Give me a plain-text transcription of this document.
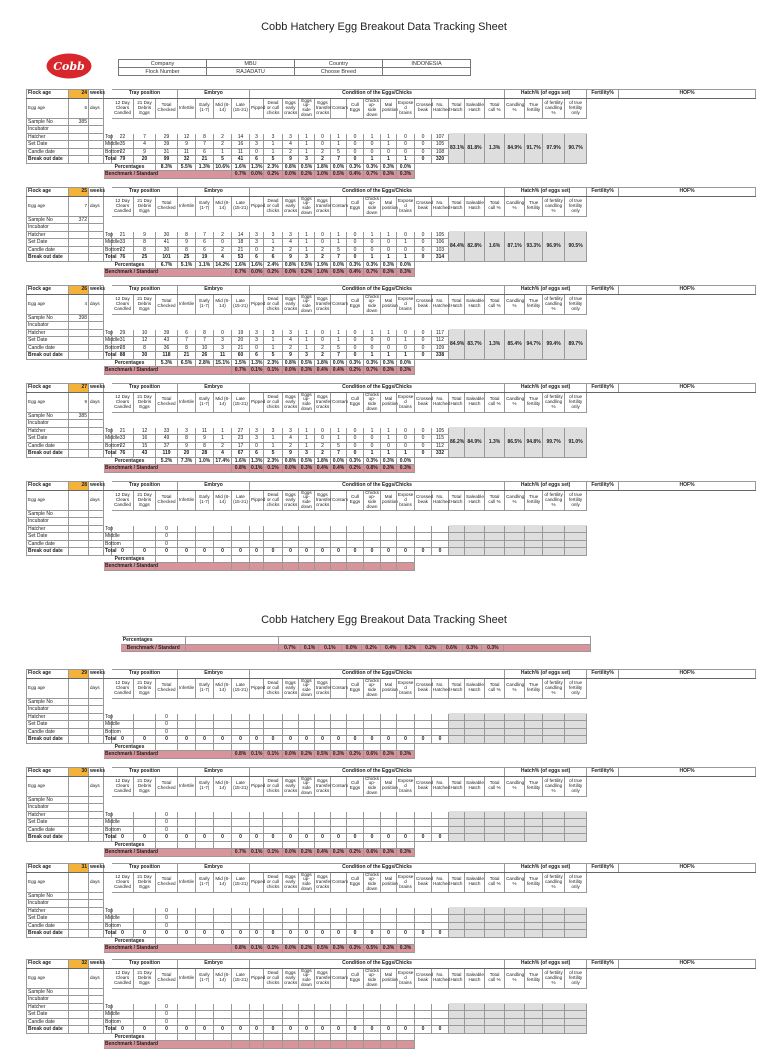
Cobb Hatchery Egg Breakout Data Tracking Sheet
Cobb	Company	MBU	Country	INDONESIA
Flock Number	RAJADATU	Choose Breed	
Cobb Hatchery Egg Breakout Data Tracking Sheet
			Percentages														
			Benchmark / Standard		0.7%	0.1%	0.1%	0.0%	0.2%	0.4%	0.2%	0.2%	0.6%	0.3%	0.3%		
Flock age	24	weeks		Tray position			Embryo				Condition of the Eggs/Chicks															Hatch% (of eggs set)				Fertility%		HOF%
Egg age	6	days		12 Day Clears Candled	21 Day Debris Eggs	Total Checked	Infertile	Early (1-7)	Mid (8-14)	Late (15-21)	Pipped	Dead or cull chicks	Eggs early cracks	Eggs up-side down	Eggs transfer cracks	Contam	Cull Eggs	Chicks up-side down	Mal position	Expose d brains	Crossed beak	No. Hatched	Total Hatch	Saleable Hatch	Total cull %	Candling %	True fertility	of fertility candling %	of true fertility only			
Sample No	385																															
Incubator																																
Hatcher			Top	22	7	29	12	8	2	14	3	3	3	1	0	1	0	1	1	0	0	107	83.1%	81.8%	1.3%	84.9%	91.7%	97.9%	90.7%			
Set Date			Middle	35	4	39	9	7	2	16	3	1	4	1	0	1	0	0	1	0	0	105										
Candle date			Bottom	22	9	31	11	6	1	11	0	1	2	1	2	5	0	0	0	0	0	108										
Break out date			Total	79	20	99	32	21	5	41	6	5	9	3	2	7	0	1	1	1	0	320										
			Percentages			8.3%	5.5%	1.3%	10.6%	1.6%	1.3%	2.3%	0.8%	0.5%	1.8%	0.0%	0.3%	0.3%	0.3%	0.0%												
			Benchmark / Standard							0.7%	0.0%	0.2%	0.0%	0.2%	1.0%	0.5%	0.4%	0.7%	0.3%	0.3%												
Flock age	25	weeks		Tray position			Embryo				Condition of the Eggs/Chicks															Hatch% (of eggs set)				Fertility%		HOF%
Egg age	7	days		12 Day Clears Candled	21 Day Debris Eggs	Total Checked	Infertile	Early (1-7)	Mid (8-14)	Late (15-21)	Pipped	Dead or cull chicks	Eggs early cracks	Eggs up-side down	Eggs transfer cracks	Contam	Cull Eggs	Chicks up-side down	Mal position	Expose d brains	Crossed beak	No. Hatched	Total Hatch	Saleable Hatch	Total cull %	Candling %	True fertility	of fertility candling %	of true fertility only			
Sample No	372																															
Incubator																																
Hatcher			Top	21	9	30	8	7	2	14	3	3	3	1	0	1	0	1	1	0	0	105	84.4%	82.8%	1.6%	87.1%	93.3%	96.9%	90.5%			
Set Date			Middle	33	8	41	9	6	0	18	3	1	4	1	0	1	0	0	0	1	0	106										
Candle date			Bottom	22	8	30	8	6	2	21	0	2	2	1	2	5	0	0	0	0	0	103										
Break out date			Total	76	25	101	25	19	4	53	6	6	9	3	2	7	0	1	1	1	0	314										
			Percentages			6.7%	5.1%	1.1%	14.2%	1.6%	1.6%	2.4%	0.8%	0.5%	1.9%	0.0%	0.3%	0.3%	0.3%	0.0%												
			Benchmark / Standard							0.7%	0.0%	0.2%	0.0%	0.2%	1.0%	0.5%	0.4%	0.7%	0.3%	0.3%												
Flock age	26	weeks		Tray position			Embryo				Condition of the Eggs/Chicks															Hatch% (of eggs set)				Fertility%		HOF%
Egg age	4	days		12 Day Clears Candled	21 Day Debris Eggs	Total Checked	Infertile	Early (1-7)	Mid (8-14)	Late (15-21)	Pipped	Dead or cull chicks	Eggs early cracks	Eggs up-side down	Eggs transfer cracks	Contam	Cull Eggs	Chicks up-side down	Mal position	Expose d brains	Crossed beak	No. Hatched	Total Hatch	Saleable Hatch	Total cull %	Candling %	True fertility	of fertility candling %	of true fertility only			
Sample No	398																															
Incubator																																
Hatcher			Top	29	10	39	6	8	0	19	3	3	3	1	0	1	0	1	1	0	0	117	84.9%	83.7%	1.3%	85.4%	94.7%	99.4%	89.7%			
Set Date			Middle	31	12	43	7	7	3	20	3	1	4	1	0	1	0	0	0	1	0	112										
Candle date			Bottom	28	8	36	8	10	3	21	0	1	2	1	2	5	0	0	0	0	0	109										
Break out date			Total	88	30	118	21	26	11	60	6	5	9	3	2	7	0	1	1	1	0	338										
			Percentages			5.3%	6.5%	2.8%	15.1%	1.5%	1.3%	2.3%	0.8%	0.5%	1.8%	0.0%	0.3%	0.3%	0.3%	0.0%												
			Benchmark / Standard							0.7%	0.1%	0.1%	0.0%	0.3%	0.4%	0.4%	0.2%	0.7%	0.3%	0.3%												
Flock age	27	weeks		Tray position			Embryo				Condition of the Eggs/Chicks															Hatch% (of eggs set)				Fertility%		HOF%
Egg age	9	days		12 Day Clears Candled	21 Day Debris Eggs	Total Checked	Infertile	Early (1-7)	Mid (8-14)	Late (15-21)	Pipped	Dead or cull chicks	Eggs early cracks	Eggs up-side down	Eggs transfer cracks	Contam	Cull Eggs	Chicks up-side down	Mal position	Expose d brains	Crossed beak	No. Hatched	Total Hatch	Saleable Hatch	Total cull %	Candling %	True fertility	of fertility candling %	of true fertility only			
Sample No	385																															
Incubator																																
Hatcher			Top	21	12	33	3	11	1	27	3	3	3	1	0	1	0	1	1	0	0	105	86.2%	84.9%	1.3%	86.5%	94.8%	99.7%	91.0%			
Set Date			Middle	33	16	49	8	9	1	23	3	1	4	1	0	1	0	0	1	0	0	115										
Candle date			Bottom	22	15	37	9	8	2	17	0	1	2	1	2	5	0	0	0	0	0	112										
Break out date			Total	76	43	119	20	28	4	67	6	5	9	3	2	7	0	1	1	1	0	332										
			Percentages			5.2%	7.3%	1.0%	17.4%	1.6%	1.3%	2.3%	0.8%	0.5%	1.8%	0.0%	0.3%	0.3%	0.3%	0.0%												
			Benchmark / Standard							0.8%	0.1%	0.1%	0.0%	0.3%	0.4%	0.4%	0.2%	0.8%	0.3%	0.3%												
Flock age	28	weeks		Tray position			Embryo				Condition of the Eggs/Chicks															Hatch% (of eggs set)				Fertility%		HOF%
Egg age		days		12 Day Clears Candled	21 Day Debris Eggs	Total Checked	Infertile	Early (1-7)	Mid (8-14)	Late (15-21)	Pipped	Dead or cull chicks	Eggs early cracks	Eggs up-side down	Eggs transfer cracks	Contam	Cull Eggs	Chicks up-side down	Mal position	Expose d brains	Crossed beak	No. Hatched	Total Hatch	Saleable Hatch	Total cull %	Candling %	True fertility	of fertility candling %	of true fertility only			
Sample No																																
Incubator																																
Hatcher			Top			0																										
Set Date			Middle			0																										
Candle date			Bottom			0																										
Break out date			Total	0	0	0	0	0	0	0	0	0	0	0	0	0	0	0	0	0	0	0										
			Percentages																													
			Benchmark / Standard																													
Flock age	29	weeks		Tray position			Embryo				Condition of the Eggs/Chicks															Hatch% (of eggs set)				Fertility%		HOF%
Egg age		days		12 Day Clears Candled	21 Day Debris Eggs	Total Checked	Infertile	Early (1-7)	Mid (8-14)	Late (15-21)	Pipped	Dead or cull chicks	Eggs early cracks	Eggs up-side down	Eggs transfer cracks	Contam	Cull Eggs	Chicks up-side down	Mal position	Expose d brains	Crossed beak	No. Hatched	Total Hatch	Saleable Hatch	Total cull %	Candling %	True fertility	of fertility candling %	of true fertility only			
Sample No																																
Incubator																																
Hatcher			Top			0																										
Set Date			Middle			0																										
Candle date			Bottom			0																										
Break out date			Total	0	0	0	0	0	0	0	0	0	0	0	0	0	0	0	0	0	0	0										
			Percentages																													
			Benchmark / Standard							0.8%	0.1%	0.1%	0.0%	0.2%	0.5%	0.3%	0.2%	0.6%	0.3%	0.3%												
Flock age	30	weeks		Tray position			Embryo				Condition of the Eggs/Chicks															Hatch% (of eggs set)				Fertility%		HOF%
Egg age		days		12 Day Clears Candled	21 Day Debris Eggs	Total Checked	Infertile	Early (1-7)	Mid (8-14)	Late (15-21)	Pipped	Dead or cull chicks	Eggs early cracks	Eggs up-side down	Eggs transfer cracks	Contam	Cull Eggs	Chicks up-side down	Mal position	Expose d brains	Crossed beak	No. Hatched	Total Hatch	Saleable Hatch	Total cull %	Candling %	True fertility	of fertility candling %	of true fertility only			
Sample No																																
Incubator																																
Hatcher			Top			0																										
Set Date			Middle			0																										
Candle date			Bottom			0																										
Break out date			Total	0	0	0	0	0	0	0	0	0	0	0	0	0	0	0	0	0	0	0										
			Percentages																													
			Benchmark / Standard							0.7%	0.1%	0.1%	0.0%	0.2%	0.4%	0.2%	0.2%	0.6%	0.3%	0.3%												
Flock age	31	weeks		Tray position			Embryo				Condition of the Eggs/Chicks															Hatch% (of eggs set)				Fertility%		HOF%
Egg age		days		12 Day Clears Candled	21 Day Debris Eggs	Total Checked	Infertile	Early (1-7)	Mid (8-14)	Late (15-21)	Pipped	Dead or cull chicks	Eggs early cracks	Eggs up-side down	Eggs transfer cracks	Contam	Cull Eggs	Chicks up-side down	Mal position	Expose d brains	Crossed beak	No. Hatched	Total Hatch	Saleable Hatch	Total cull %	Candling %	True fertility	of fertility candling %	of true fertility only			
Sample No																																
Incubator																																
Hatcher			Top			0																										
Set Date			Middle			0																										
Candle date			Bottom			0																										
Break out date			Total	0	0	0	0	0	0	0	0	0	0	0	0	0	0	0	0	0	0	0										
			Percentages																													
			Benchmark / Standard							0.8%	0.1%	0.1%	0.0%	0.2%	0.5%	0.3%	0.3%	0.5%	0.3%	0.3%												
Flock age	32	weeks		Tray position			Embryo				Condition of the Eggs/Chicks															Hatch% (of eggs set)				Fertility%		HOF%
Egg age		days		12 Day Clears Candled	21 Day Debris Eggs	Total Checked	Infertile	Early (1-7)	Mid (8-14)	Late (15-21)	Pipped	Dead or cull chicks	Eggs early cracks	Eggs up-side down	Eggs transfer cracks	Contam	Cull Eggs	Chicks up-side down	Mal position	Expose d brains	Crossed beak	No. Hatched	Total Hatch	Saleable Hatch	Total cull %	Candling %	True fertility	of fertility candling %	of true fertility only			
Sample No																																
Incubator																																
Hatcher			Top			0																										
Set Date			Middle			0																										
Candle date			Bottom			0																										
Break out date			Total	0	0	0	0	0	0	0	0	0	0	0	0	0	0	0	0	0	0	0										
			Percentages																													
			Benchmark / Standard																													
